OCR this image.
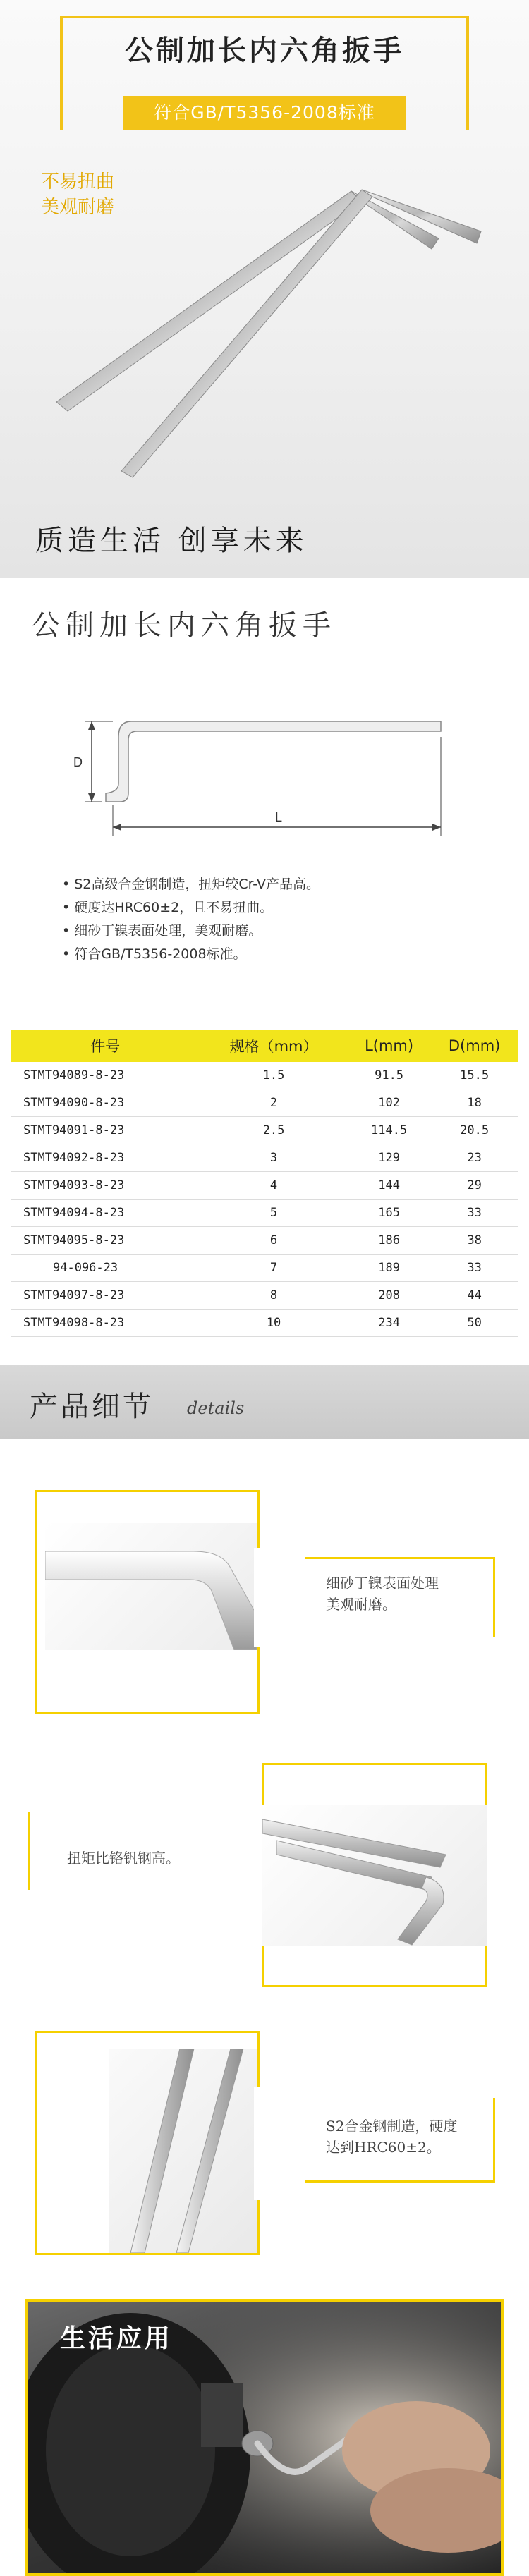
公制加长内六角扳手
符合GB/T5356-2008标准
不易扭曲
美观耐磨
质造生活 创享未来
公制加长内六角扳手
D
L
• S2高级合金钢制造，扭矩较Cr-V产品高。
• 硬度达HRC60±2，且不易扭曲。
• 细砂丁镍表面处理，美观耐磨。
• 符合GB/T5356-2008标准。
件号	规格（mm）	L(mm)	D(mm)
STMT94089-8-23	1.5	91.5	15.5
STMT94090-8-23	2	102	18
STMT94091-8-23	2.5	114.5	20.5
STMT94092-8-23	3	129	23
STMT94093-8-23	4	144	29
STMT94094-8-23	5	165	33
STMT94095-8-23	6	186	38
94-096-23	7	189	33
STMT94097-8-23	8	208	44
STMT94098-8-23	10	234	50
产品细节 details
细砂丁镍表面处理
美观耐磨。
扭矩比铬钒钢高。
S2合金钢制造，硬度
达到HRC60±2。
生活应用
